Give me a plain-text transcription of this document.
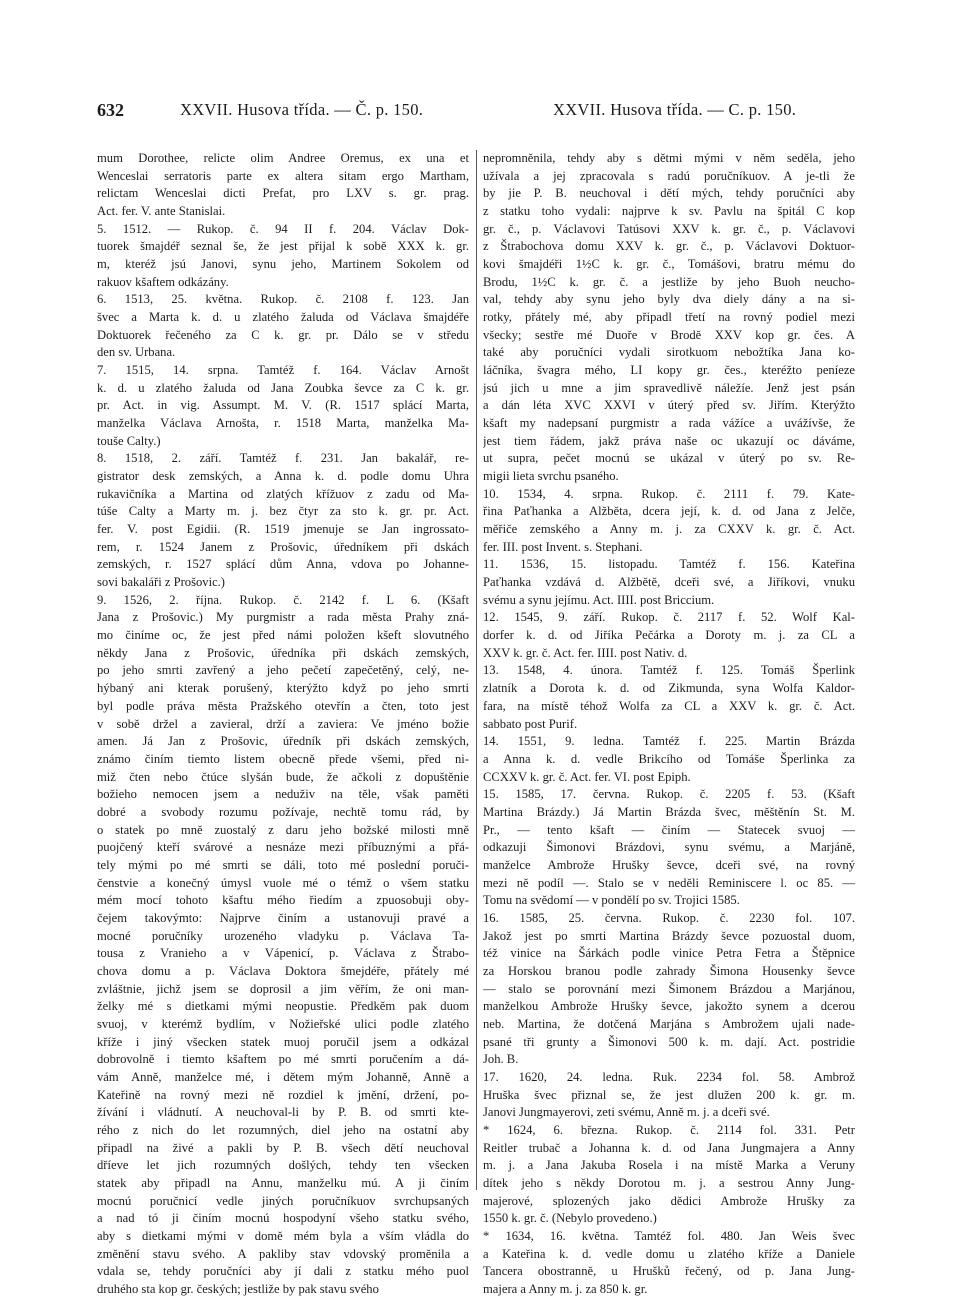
632	XXVII. Husova třída. — Č. p. 150.	XXVII. Husova třída. — C. p. 150.
mum Dorothee, relicte olim Andree Oremus, ex una et
Wenceslai serratoris parte ex altera sitam ergo Martham,
relictam Wenceslai dicti Prefat, pro LXV s. gr. prag.
Act. fer. V. ante Stanislai.
5. 1512. — Rukop. č. 94 II f. 204. Václav Dok-
tuorek šmajdéř seznal še, že jest přijal k sobě XXX k. gr.
m, kteréž jsú Janovi, synu jeho, Martinem Sokolem od
rakuov kšaftem odkázány.
6. 1513, 25. května. Rukop. č. 2108 f. 123. Jan
švec a Marta k. d. u zlatého žaluda od Václava šmajdéře
Doktuorek řečeného za C k. gr. pr. Dálo se v středu
den sv. Urbana.
7. 1515, 14. srpna. Tamtéž f. 164. Václav Arnošt
k. d. u zlatého žaluda od Jana Zoubka ševce za C k. gr.
pr. Act. in vig. Assumpt. M. V. (R. 1517 splácí Marta,
manželka Václava Arnošta, r. 1518 Marta, manželka Ma-
touše Calty.)
8. 1518, 2. září. Tamtéž f. 231. Jan bakalář, re-
gistrator desk zemských, a Anna k. d. podle domu Uhra
rukavičníka a Martina od zlatých křížuov z zadu od Ma-
túše Calty a Marty m. j. bez čtyr za sto k. gr. pr. Act.
fer. V. post Egidii. (R. 1519 jmenuje se Jan ingrossato-
rem, r. 1524 Janem z Prošovic, úředníkem při dskách
zemských, r. 1527 splácí dům Anna, vdova po Johanne-
sovi bakaláři z Prošovic.)
9. 1526, 2. října. Rukop. č. 2142 f. L 6. (Kšaft
Jana z Prošovic.) My purgmistr a rada města Prahy zná-
mo činíme oc, že jest před námi položen kšeft slovutného
někdy Jana z Prošovic, úředníka při dskách zemských,
po jeho smrti zavřený a jeho pečetí zapečetěný, celý, ne-
hýbaný ani kterak porušený, kterýžto když po jeho smrti
byl podle práva města Pražského otevřín a čten, toto jest
v sobě držel a zavieral, drží a zaviera: Ve jméno božie
amen. Já Jan z Prošovic, úředník při dskách zemských,
známo činím tiemto listem obecně přede všemi, před ni-
miž čten nebo čtúce slyšán bude, že ačkoli z dopuštěnie
božieho nemocen jsem a neduživ na těle, však paměti
dobré a svobody rozumu požívaje, nechtě tomu rád, by
o statek po mně zuostalý z daru jeho božské milosti mně
puojčený kteří svárové a nesnáze mezi příbuznými a přá-
tely mými po mé smrti se dáli, toto mé poslední poruči-
čenstvie a konečný úmysl vuole mé o témž o všem statku
mém mocí tohoto kšaftu mého řiedím a zpuosobuji oby-
čejem takovýmto: Najprve činím a ustanovuji pravé a
mocné poručníky urozeného vladyku p. Václava Ta-
tousa z Vranieho a v Vápenicí, p. Václava z Štrabo-
chova domu a p. Václava Doktora šmejdéře, přátely mé
zvláštnie, jichž jsem se doprosil a jim věřím, že oni man-
želky mé s dietkami mými neopustie. Předkěm pak duom
svuoj, v kterémž bydlím, v Nožieřské ulici podle zlatého
kříže i jiný všecken statek muoj poručil jsem a odkázal
dobrovolně i tiemto kšaftem po mé smrti poručením a dá-
vám Anně, manželce mé, i dětem mým Johanně, Anně a
Kateřině na rovný mezi ně rozdiel k jmění, držení, po-
žívání i vládnutí. A neuchoval-li by P. B. od smrti kte-
rého z nich do let rozumných, diel jeho na ostatní aby
připadl na živé a pakli by P. B. všech dětí neuchoval
dříeve let jich rozumných došlých, tehdy ten všecken
statek aby připadl na Annu, manželku mú. A ji činím
mocnú poručnicí vedle jiných poručníkuov svrchupsaných
a nad tó ji činím mocnú hospodyní všeho statku svého,
aby s dietkami mými v domě mém byla a vším vládla do
změnění stavu svého. A pakliby stav vdovský proměnila a
vdala se, tehdy poručníci aby jí dali z statku mého puol
druhého sta kop gr. českých; jestliže by pak stavu svého
nepromněnila, tehdy aby s dětmi mými v něm seděla, jeho
užívala a jej zpracovala s radú poručníkuov. A je-tli že
by jie P. B. neuchoval i dětí mých, tehdy poručníci aby
z statku toho vydali: najprve k sv. Pavlu na špitál C kop
gr. č., p. Václavovi Tatúsovi XXV k. gr. č., p. Václavovi
z Štrabochova domu XXV k. gr. č., p. Václavovi Doktuor-
kovi šmajdéři 1½C k. gr. č., Tomášovi, bratru mému do
Brodu, 1½C k. gr. č. a jestliže by jeho Buoh neucho-
val, tehdy aby synu jeho byly dva diely dány a na si-
rotky, přátely mé, aby připadl třetí na rovný podiel mezi
všecky; sestře mé Duoře v Brodě XXV kop gr. čes. A
také aby poručníci vydali sirotkuom nebožtíka Jana ko-
láčníka, švagra mého, LI kopy gr. čes., kteréžto peníeze
jsú jich u mne a jim spravedlivě náležíe. Jenž jest psán
a dán léta XVC XXVI v úterý před sv. Jiřím. Kterýžto
kšaft my nadepsaní purgmistr a rada vážíce a uvážívše, že
jest tiem řádem, jakž práva naše oc ukazují oc dáváme,
ut supra, pečet mocnú se ukázal v úterý po sv. Re-
migii lieta svrchu psaného.
10. 1534, 4. srpna. Rukop. č. 2111 f. 79. Kate-
řina Paťhanka a Alžběta, dcera její, k. d. od Jana z Jelče,
měřiče zemského a Anny m. j. za CXXV k. gr. č. Act.
fer. III. post Invent. s. Stephani.
11. 1536, 15. listopadu. Tamtéž f. 156. Kateřina
Paťhanka vzdává d. Alžbětě, dceři své, a Jiříkovi, vnuku
svému a synu jejímu. Act. IIII. post Briccium.
12. 1545, 9. září. Rukop. č. 2117 f. 52. Wolf Kal-
dorfer k. d. od Jiříka Pečárka a Doroty m. j. za CL a
XXV k. gr. č. Act. fer. IIII. post Nativ. d.
13. 1548, 4. února. Tamtéž f. 125. Tomáš Šperlink
zlatník a Dorota k. d. od Zikmunda, syna Wolfa Kaldor-
fara, na místě téhož Wolfa za CL a XXV k. gr. č. Act.
sabbato post Purif.
14. 1551, 9. ledna. Tamtéž f. 225. Martin Brázda
a Anna k. d. vedle Brikcího od Tomáše Šperlinka za
CCXXV k. gr. č. Act. fer. VI. post Epiph.
15. 1585, 17. června. Rukop. č. 2205 f. 53. (Kšaft
Martina Brázdy.) Já Martin Brázda švec, měštěnín St. M.
Pr., — tento kšaft — činím — Statecek svuoj —
odkazuji Šimonovi Brázdovi, synu svému, a Marjáně,
manželce Ambrože Hrušky ševce, dceři své, na rovný
mezi ně podíl —. Stalo se v neděli Reminiscere l. oc 85. —
Tomu na svědomí — v pondělí po sv. Trojici 1585.
16. 1585, 25. června. Rukop. č. 2230 fol. 107.
Jakož jest po smrti Martina Brázdy ševce pozuostal duom,
též vinice na Šárkách podle vinice Petra Fetra a Štěpnice
za Horskou branou podle zahrady Šimona Housenky ševce
— stalo se porovnání mezi Šimonem Brázdou a Marjánou,
manželkou Ambrože Hrušky ševce, jakožto synem a dcerou
neb. Martina, že dotčená Marjána s Ambrožem ujali nade-
psané tři grunty a Šimonovi 500 k. m. dají. Act. postridie
Joh. B.
17. 1620, 24. ledna. Ruk. 2234 fol. 58. Ambrož
Hruška švec přiznal se, že jest dlužen 200 k. gr. m.
Janovi Jungmayerovi, zeti svému, Anně m. j. a dceři své.
* 1624, 6. března. Rukop. č. 2114 fol. 331. Petr
Reitler trubač a Johanna k. d. od Jana Jungmajera a Anny
m. j. a Jana Jakuba Rosela i na místě Marka a Veruny
dítek jeho s někdy Dorotou m. j. a sestrou Anny Jung-
majerové, splozených jako dědici Ambrože Hrušky za
1550 k. gr. č. (Nebylo provedeno.)
* 1634, 16. května. Tamtéž fol. 480. Jan Weis švec
a Kateřina k. d. vedle domu u zlatého kříže a Daniele
Tancera obostranně, u Hrušků řečený, od p. Jana Jung-
majera a Anny m. j. za 850 k. gr.
